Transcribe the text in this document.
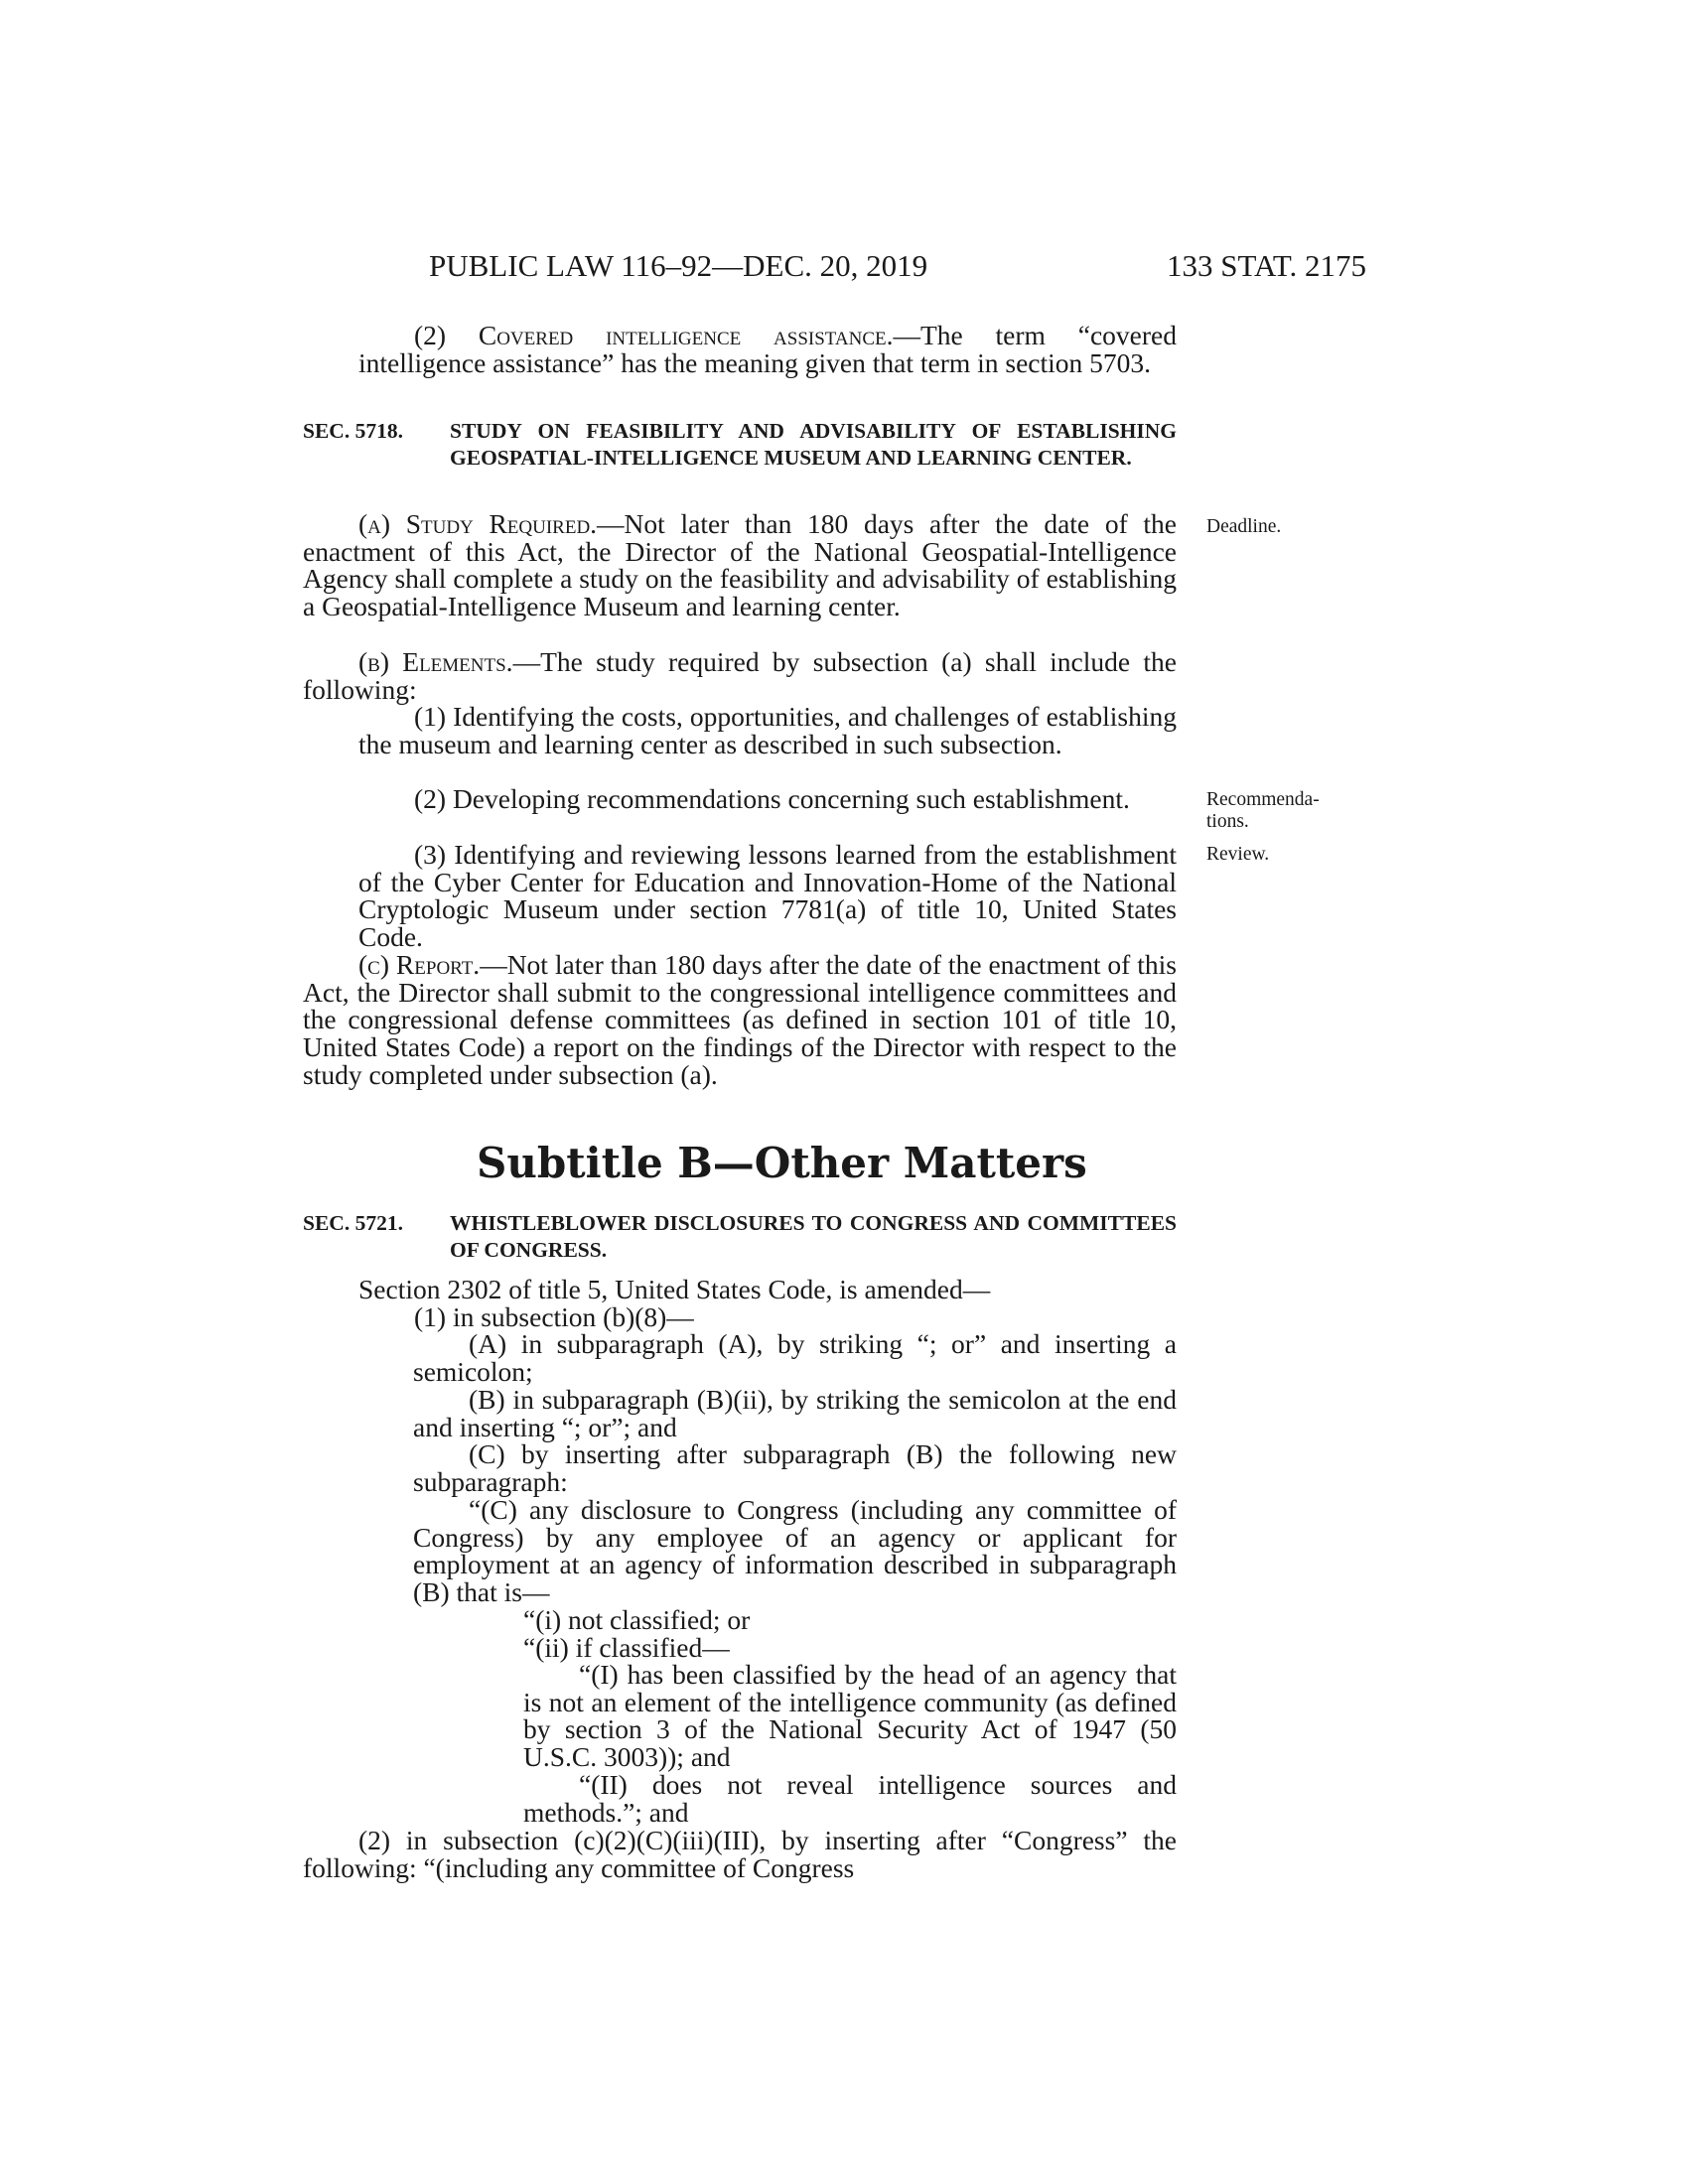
PUBLIC LAW 116–92—DEC. 20, 2019	133 STAT. 2175

(2) Covered intelligence assistance.—The term “covered intelligence assistance” has the meaning given that term in section 5703.

SEC. 5718.	STUDY ON FEASIBILITY AND ADVISABILITY OF ESTABLISHING GEOSPATIAL-INTELLIGENCE MUSEUM AND LEARNING CENTER.

(a) Study Required.—Not later than 180 days after the date of the enactment of this Act, the Director of the National Geospatial-Intelligence Agency shall complete a study on the feasibility and advisability of establishing a Geospatial-Intelligence Museum and learning center.

(b) Elements.—The study required by subsection (a) shall include the following:

(1) Identifying the costs, opportunities, and challenges of establishing the museum and learning center as described in such subsection.

(2) Developing recommendations concerning such establishment.

(3) Identifying and reviewing lessons learned from the establishment of the Cyber Center for Education and Innovation-Home of the National Cryptologic Museum under section 7781(a) of title 10, United States Code.

(c) Report.—Not later than 180 days after the date of the enactment of this Act, the Director shall submit to the congressional intelligence committees and the congressional defense committees (as defined in section 101 of title 10, United States Code) a report on the findings of the Director with respect to the study completed under subsection (a).

Subtitle B—Other Matters
SEC. 5721.	WHISTLEBLOWER DISCLOSURES TO CONGRESS AND COMMITTEES OF CONGRESS.

Section 2302 of title 5, United States Code, is amended—

(1) in subsection (b)(8)—

(A) in subparagraph (A), by striking “; or” and inserting a semicolon;

(B) in subparagraph (B)(ii), by striking the semicolon at the end and inserting “; or”; and

(C) by inserting after subparagraph (B) the following new subparagraph:

“(C) any disclosure to Congress (including any committee of Congress) by any employee of an agency or applicant for employment at an agency of information described in subparagraph (B) that is—

“(i) not classified; or

“(ii) if classified—

“(I) has been classified by the head of an agency that is not an element of the intelligence community (as defined by section 3 of the National Security Act of 1947 (50 U.S.C. 3003)); and

“(II) does not reveal intelligence sources and methods.”; and

(2) in subsection (c)(2)(C)(iii)(III), by inserting after “Congress” the following: “(including any committee of Congress

Deadline.
Recommenda-
tions.
Review.
